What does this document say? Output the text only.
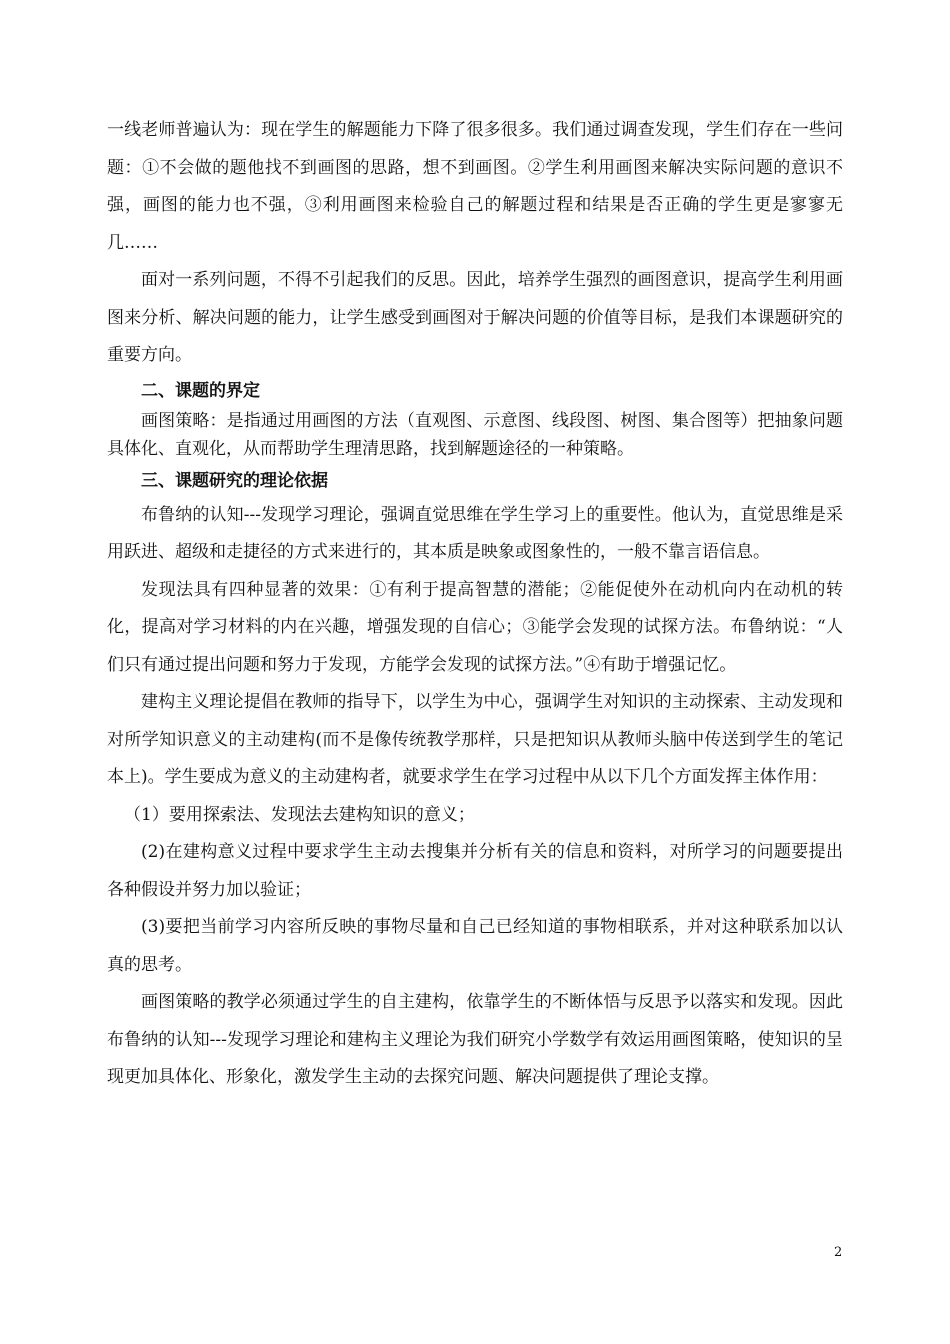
一线老师普遍认为：现在学生的解题能力下降了很多很多。我们通过调查发现，学生们存在一些问题：①不会做的题他找不到画图的思路，想不到画图。②学生利用画图来解决实际问题的意识不强，画图的能力也不强，③利用画图来检验自己的解题过程和结果是否正确的学生更是寥寥无几……

面对一系列问题，不得不引起我们的反思。因此，培养学生强烈的画图意识，提高学生利用画图来分析、解决问题的能力，让学生感受到画图对于解决问题的价值等目标，是我们本课题研究的重要方向。

二、课题的界定

画图策略：是指通过用画图的方法（直观图、示意图、线段图、树图、集合图等）把抽象问题具体化、直观化，从而帮助学生理清思路，找到解题途径的一种策略。

三、课题研究的理论依据

布鲁纳的认知---发现学习理论，强调直觉思维在学生学习上的重要性。他认为，直觉思维是采用跃进、超级和走捷径的方式来进行的，其本质是映象或图象性的，一般不靠言语信息。

发现法具有四种显著的效果：①有利于提高智慧的潜能；②能促使外在动机向内在动机的转化，提高对学习材料的内在兴趣，增强发现的自信心；③能学会发现的试探方法。布鲁纳说：“人们只有通过提出问题和努力于发现，方能学会发现的试探方法。”④有助于增强记忆。

建构主义理论提倡在教师的指导下，以学生为中心，强调学生对知识的主动探索、主动发现和对所学知识意义的主动建构(而不是像传统教学那样，只是把知识从教师头脑中传送到学生的笔记本上)。学生要成为意义的主动建构者，就要求学生在学习过程中从以下几个方面发挥主体作用：

（1）要用探索法、发现法去建构知识的意义；

(2)在建构意义过程中要求学生主动去搜集并分析有关的信息和资料，对所学习的问题要提出各种假设并努力加以验证；

(3)要把当前学习内容所反映的事物尽量和自己已经知道的事物相联系，并对这种联系加以认真的思考。

画图策略的教学必须通过学生的自主建构，依靠学生的不断体悟与反思予以落实和发现。因此布鲁纳的认知---发现学习理论和建构主义理论为我们研究小学数学有效运用画图策略，使知识的呈现更加具体化、形象化，激发学生主动的去探究问题、解决问题提供了理论支撑。

2
